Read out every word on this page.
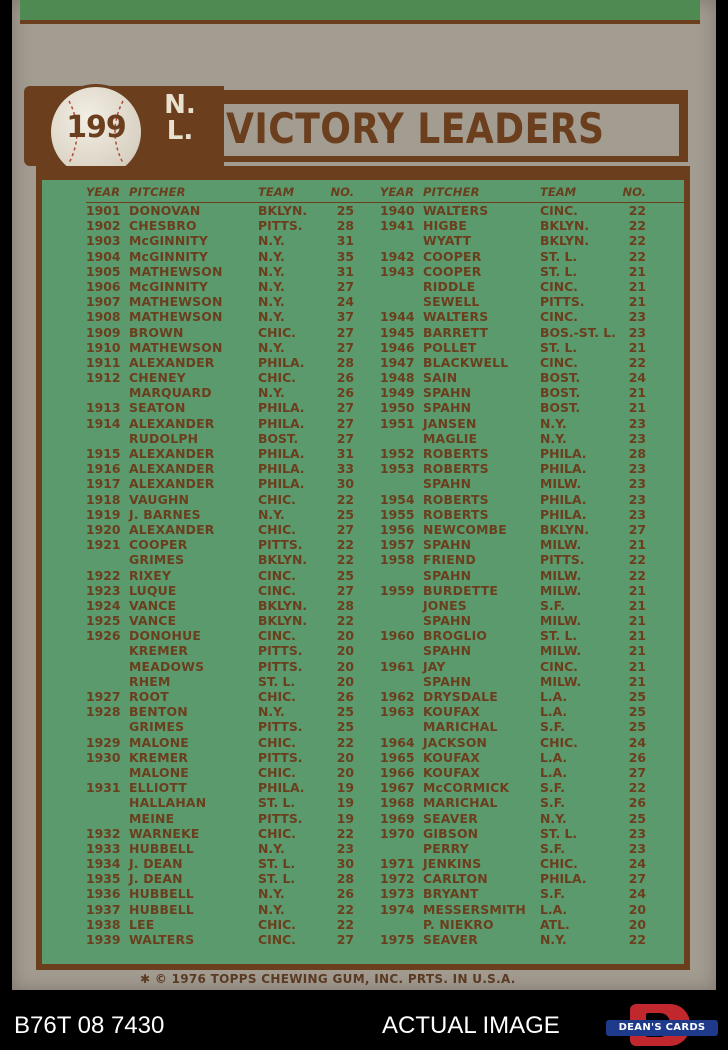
199
N.
L. VICTORY LEADERS
YEAR PITCHER	TEAM	NO.
1901 DONOVAN	BKLYN.	25
1902 CHESBRO	PITTS.	28
1903 McGINNITY	N.Y.	31
1904 McGINNITY	N.Y.	35
1905 MATHEWSON	N.Y.	31
1906 McGINNITY	N.Y.	27
1907 MATHEWSON	N.Y.	24
1908 MATHEWSON	N.Y.	37
1909 BROWN	CHIC.	27
1910 MATHEWSON	N.Y.	27
1911 ALEXANDER	PHILA.	28
1912 CHENEY	CHIC.	26
MARQUARD	N.Y.	26
1913 SEATON	PHILA.	27
1914 ALEXANDER	PHILA.	27
RUDOLPH	BOST.	27
1915 ALEXANDER	PHILA.	31
1916 ALEXANDER	PHILA.	33
1917 ALEXANDER	PHILA.	30
1918 VAUGHN	CHIC.	22
1919 J. BARNES	N.Y.	25
1920 ALEXANDER	CHIC.	27
1921 COOPER	PITTS.	22
GRIMES	BKLYN.	22
1922 RIXEY	CINC.	25
1923 LUQUE	CINC.	27
1924 VANCE	BKLYN.	28
1925 VANCE	BKLYN.	22
1926 DONOHUE	CINC.	20
KREMER	PITTS.	20
MEADOWS	PITTS.	20
RHEM	ST. L.	20
1927 ROOT	CHIC.	26
1928 BENTON	N.Y.	25
GRIMES	PITTS.	25
1929 MALONE	CHIC.	22
1930 KREMER	PITTS.	20
MALONE	CHIC.	20
1931 ELLIOTT	PHILA.	19
HALLAHAN	ST. L.	19
MEINE	PITTS.	19
1932 WARNEKE	CHIC.	22
1933 HUBBELL	N.Y.	23
1934 J. DEAN	ST. L.	30
1935 J. DEAN	ST. L.	28
1936 HUBBELL	N.Y.	26
1937 HUBBELL	N.Y.	22
1938 LEE	CHIC.	22
1939 WALTERS	CINC.	27
YEAR PITCHER	TEAM	NO.
1940 WALTERS	CINC.	22
1941 HIGBE	BKLYN.	22
WYATT	BKLYN.	22
1942 COOPER	ST. L.	22
1943 COOPER	ST. L.	21
RIDDLE	CINC.	21
SEWELL	PITTS.	21
1944 WALTERS	CINC.	23
1945 BARRETT	BOS.-ST. L.	23
1946 POLLET	ST. L.	21
1947 BLACKWELL	CINC.	22
1948 SAIN	BOST.	24
1949 SPAHN	BOST.	21
1950 SPAHN	BOST.	21
1951 JANSEN	N.Y.	23
MAGLIE	N.Y.	23
1952 ROBERTS	PHILA.	28
1953 ROBERTS	PHILA.	23
SPAHN	MILW.	23
1954 ROBERTS	PHILA.	23
1955 ROBERTS	PHILA.	23
1956 NEWCOMBE	BKLYN.	27
1957 SPAHN	MILW.	21
1958 FRIEND	PITTS.	22
SPAHN	MILW.	22
1959 BURDETTE	MILW.	21
JONES	S.F.	21
SPAHN	MILW.	21
1960 BROGLIO	ST. L.	21
SPAHN	MILW.	21
1961 JAY	CINC.	21
SPAHN	MILW.	21
1962 DRYSDALE	L.A.	25
1963 KOUFAX	L.A.	25
MARICHAL	S.F.	25
1964 JACKSON	CHIC.	24
1965 KOUFAX	L.A.	26
1966 KOUFAX	L.A.	27
1967 McCORMICK S.F.	22
1968 MARICHAL	S.F.	26
1969 SEAVER	N.Y.	25
1970 GIBSON	ST. L.	23
PERRY	S.F.	23
1971 JENKINS	CHIC.	24
1972 CARLTON	PHILA.	27
1973 BRYANT	S.F.	24
1974 MESSERSMITH L.A.	20
P. NIEKRO	ATL.	20
1975 SEAVER	N.Y.	22
✱ © 1976 TOPPS CHEWING GUM, INC. PRTS. IN U.S.A.
B76T 08 7430	ACTUAL IMAGE	DEAN'S CARDS
